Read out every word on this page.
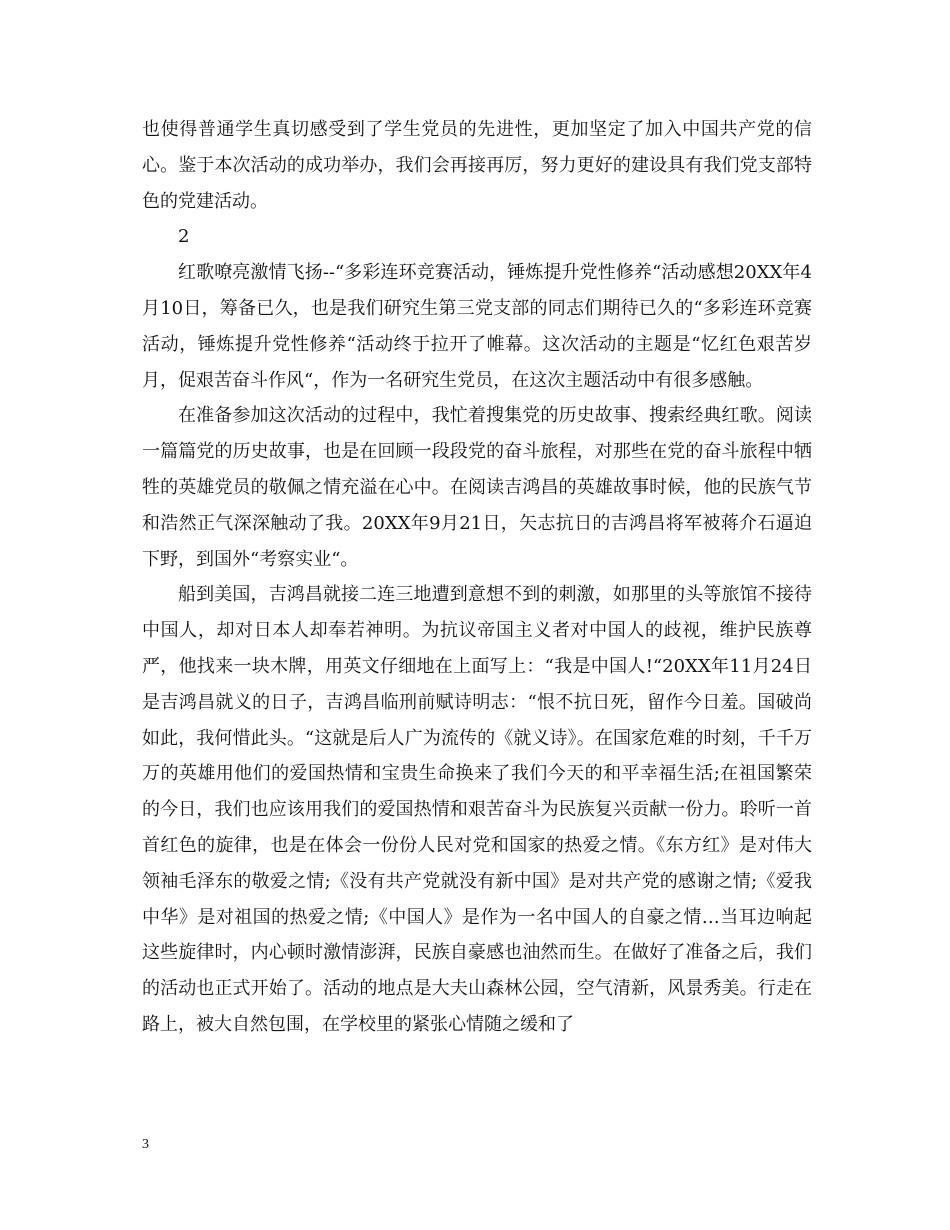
也使得普通学生真切感受到了学生党员的先进性，更加坚定了加入中国共产党的信心。鉴于本次活动的成功举办，我们会再接再厉，努力更好的建设具有我们党支部特色的党建活动。

2

红歌嘹亮激情飞扬--“多彩连环竞赛活动，锤炼提升党性修养“活动感想20XX年4月10日，筹备已久，也是我们研究生第三党支部的同志们期待已久的“多彩连环竞赛活动，锤炼提升党性修养“活动终于拉开了帷幕。这次活动的主题是“忆红色艰苦岁月，促艰苦奋斗作风“，作为一名研究生党员，在这次主题活动中有很多感触。

在准备参加这次活动的过程中，我忙着搜集党的历史故事、搜索经典红歌。阅读一篇篇党的历史故事，也是在回顾一段段党的奋斗旅程，对那些在党的奋斗旅程中牺牲的英雄党员的敬佩之情充溢在心中。在阅读吉鸿昌的英雄故事时候，他的民族气节和浩然正气深深触动了我。20XX年9月21日，矢志抗日的吉鸿昌将军被蒋介石逼迫下野，到国外“考察实业“。

船到美国，吉鸿昌就接二连三地遭到意想不到的刺激，如那里的头等旅馆不接待中国人，却对日本人却奉若神明。为抗议帝国主义者对中国人的歧视，维护民族尊严，他找来一块木牌，用英文仔细地在上面写上：“我是中国人!“20XX年11月24日是吉鸿昌就义的日子，吉鸿昌临刑前赋诗明志：“恨不抗日死，留作今日羞。国破尚如此，我何惜此头。“这就是后人广为流传的《就义诗》。在国家危难的时刻，千千万万的英雄用他们的爱国热情和宝贵生命换来了我们今天的和平幸福生活;在祖国繁荣的今日，我们也应该用我们的爱国热情和艰苦奋斗为民族复兴贡献一份力。聆听一首首红色的旋律，也是在体会一份份人民对党和国家的热爱之情。《东方红》是对伟大领袖毛泽东的敬爱之情;《没有共产党就没有新中国》是对共产党的感谢之情;《爱我中华》是对祖国的热爱之情;《中国人》是作为一名中国人的自豪之情…当耳边响起这些旋律时，内心顿时激情澎湃，民族自豪感也油然而生。在做好了准备之后，我们的活动也正式开始了。活动的地点是大夫山森林公园，空气清新，风景秀美。行走在路上，被大自然包围，在学校里的紧张心情随之缓和了

3
